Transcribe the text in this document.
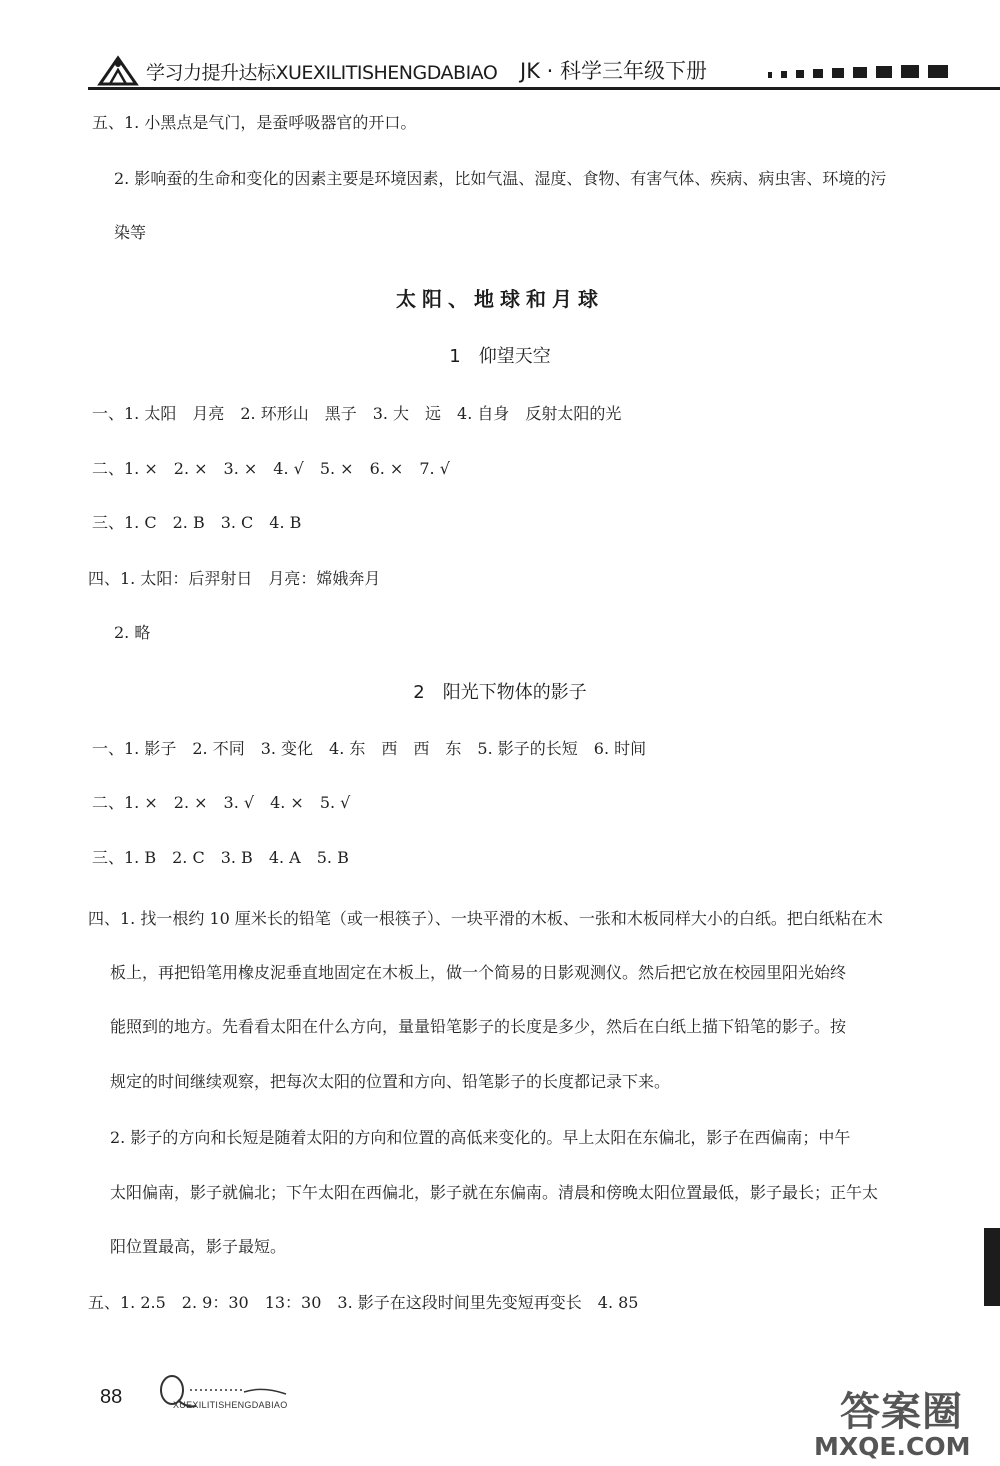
学习力提升达标XUEXILITISHENGDABIAO JK · 科学三年级下册
五、1. 小黑点是气门，是蚕呼吸器官的开口。
2. 影响蚕的生命和变化的因素主要是环境因素，比如气温、湿度、食物、有害气体、疾病、病虫害、环境的污
染等
太阳、地球和月球
1　仰望天空
一、1. 太阳　月亮　2. 环形山　黑子　3. 大　远　4. 自身　反射太阳的光
二、1. ×　2. ×　3. ×　4. √　5. ×　6. ×　7. √
三、1. C　2. B　3. C　4. B
四、1. 太阳：后羿射日　月亮：嫦娥奔月
2. 略
2　阳光下物体的影子
一、1. 影子　2. 不同　3. 变化　4. 东　西　西　东　5. 影子的长短　6. 时间
二、1. ×　2. ×　3. √　4. ×　5. √
三、1. B　2. C　3. B　4. A　5. B
四、1. 找一根约 10 厘米长的铅笔（或一根筷子）、一块平滑的木板、一张和木板同样大小的白纸。把白纸粘在木
板上，再把铅笔用橡皮泥垂直地固定在木板上，做一个简易的日影观测仪。然后把它放在校园里阳光始终
能照到的地方。先看看太阳在什么方向，量量铅笔影子的长度是多少，然后在白纸上描下铅笔的影子。按
规定的时间继续观察，把每次太阳的位置和方向、铅笔影子的长度都记录下来。
2. 影子的方向和长短是随着太阳的方向和位置的高低来变化的。早上太阳在东偏北，影子在西偏南；中午
太阳偏南，影子就偏北；下午太阳在西偏北，影子就在东偏南。清晨和傍晚太阳位置最低，影子最长；正午太
阳位置最高，影子最短。
五、1. 2.5　2. 9：30　13：30　3. 影子在这段时间里先变短再变长　4. 85
88	XUEXILITISHENGDABIAO	答案圈
MXQE.COM
